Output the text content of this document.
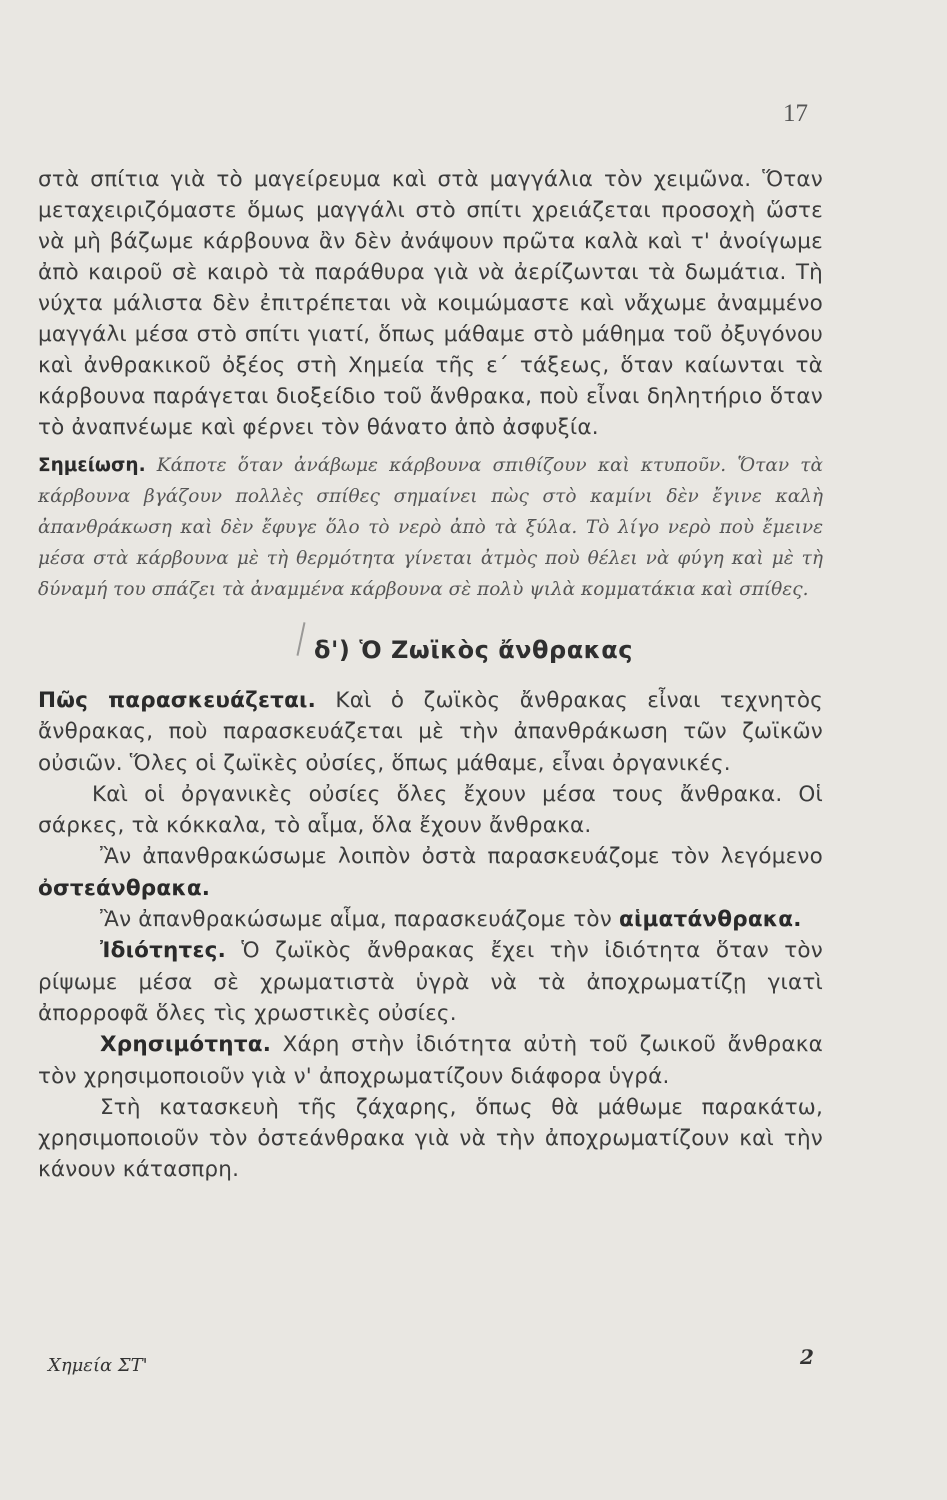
17

στὰ σπίτια γιὰ τὸ μαγείρευμα καὶ στὰ μαγγάλια τὸν χειμῶνα. Ὅταν μεταχειριζόμαστε ὅμως μαγγάλι στὸ σπίτι χρειάζεται προσοχὴ ὥστε νὰ μὴ βάζωμε κάρβουνα ἂν δὲν ἀνάψουν πρῶτα καλὰ καὶ τ' ἀνοίγωμε ἀπὸ καιροῦ σὲ καιρὸ τὰ παράθυρα γιὰ νὰ ἀερίζωνται τὰ δωμάτια. Τὴ νύχτα μάλιστα δὲν ἐπιτρέπεται νὰ κοιμώμαστε καὶ νἄχωμε ἀναμμένο μαγγάλι μέσα στὸ σπίτι γιατί, ὅπως μάθαμε στὸ μάθημα τοῦ ὀξυγόνου καὶ ἀνθρακικοῦ ὀξέος στὴ Χημεία τῆς ε΄ τάξεως, ὅταν καίωνται τὰ κάρβουνα παράγεται διοξείδιο τοῦ ἄνθρακα, ποὺ εἶναι δηλητήριο ὅταν τὸ ἀναπνέωμε καὶ φέρνει τὸν θάνατο ἀπὸ ἀσφυξία.

Σημείωση. Κάποτε ὅταν ἀνάβωμε κάρβουνα σπιθίζουν καὶ κτυποῦν. Ὅταν τὰ κάρβουνα βγάζουν πολλὲς σπίθες σημαίνει πὼς στὸ καμίνι δὲν ἔγινε καλὴ ἀπανθράκωση καὶ δὲν ἔφυγε ὅλο τὸ νερὸ ἀπὸ τὰ ξύλα. Τὸ λίγο νερὸ ποὺ ἔμεινε μέσα στὰ κάρβουνα μὲ τὴ θερμότητα γίνεται ἀτμὸς ποὺ θέλει νὰ φύγη καὶ μὲ τὴ δύναμή του σπάζει τὰ ἀναμμένα κάρβουνα σὲ πολὺ ψιλὰ κομματάκια καὶ σπίθες.

δ') Ὁ Ζωϊκὸς ἄνθρακας

Πῶς παρασκευάζεται. Καὶ ὁ ζωϊκὸς ἄνθρακας εἶναι τεχνητὸς ἄνθρακας, ποὺ παρασκευάζεται μὲ τὴν ἀπανθράκωση τῶν ζωϊκῶν οὐσιῶν. Ὅλες οἱ ζωϊκὲς οὐσίες, ὅπως μάθαμε, εἶναι ὀργανικές.

Καὶ οἱ ὀργανικὲς οὐσίες ὅλες ἔχουν μέσα τους ἄνθρακα. Οἱ σάρκες, τὰ κόκκαλα, τὸ αἷμα, ὅλα ἔχουν ἄνθρακα.

Ἂν ἀπανθρακώσωμε λοιπὸν ὀστὰ παρασκευάζομε τὸν λεγόμενο ὀστεάνθρακα.

Ἂν ἀπανθρακώσωμε αἷμα, παρασκευάζομε τὸν αἱματάνθρακα.

Ἰδιότητες. Ὁ ζωϊκὸς ἄνθρακας ἔχει τὴν ἰδιότητα ὅταν τὸν ρίψωμε μέσα σὲ χρωματιστὰ ὑγρὰ νὰ τὰ ἀποχρωματίζῃ γιατὶ ἀπορροφᾶ ὅλες τὶς χρωστικὲς οὐσίες.

Χρησιμότητα. Χάρη στὴν ἰδιότητα αὐτὴ τοῦ ζωικοῦ ἄνθρακα τὸν χρησιμοποιοῦν γιὰ ν' ἀποχρωματίζουν διάφορα ὑγρά.

Στὴ κατασκευὴ τῆς ζάχαρης, ὅπως θὰ μάθωμε παρακάτω, χρησιμοποιοῦν τὸν ὀστεάνθρακα γιὰ νὰ τὴν ἀποχρωματίζουν καὶ τὴν κάνουν κάτασπρη.

Χημεία ΣΤ'	2
